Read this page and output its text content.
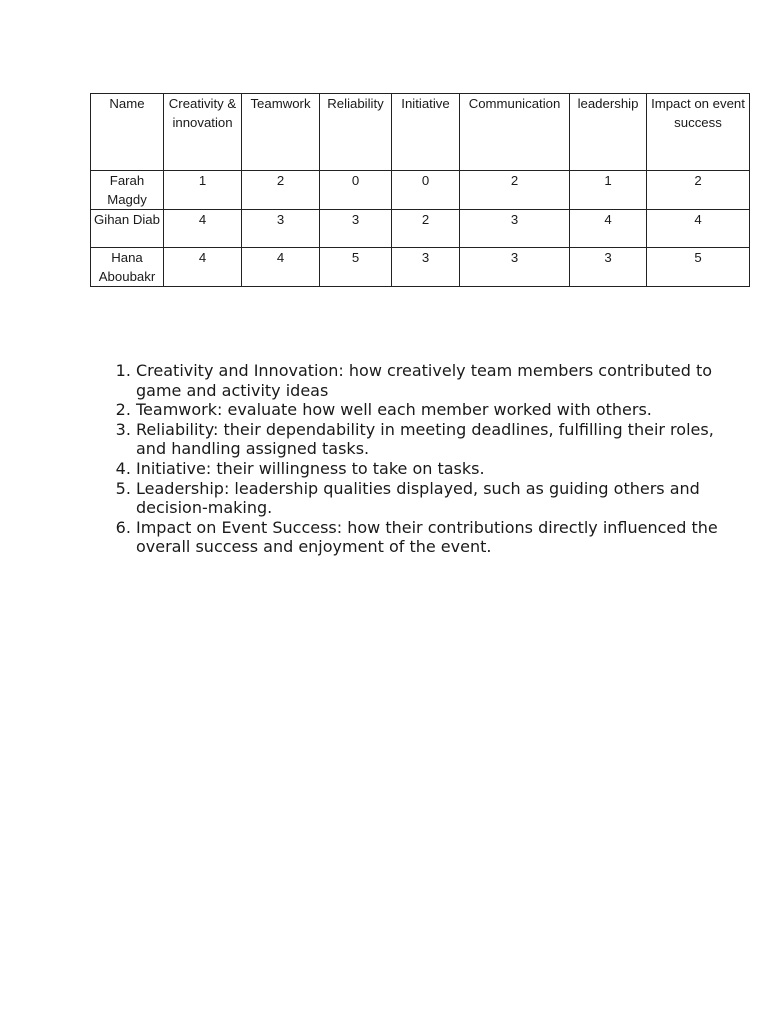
Name	Creativity & innovation	Teamwork	Reliability	Initiative	Communication	leadership	Impact on event success
Farah Magdy	1	2	0	0	2	1	2
Gihan Diab	4	3	3	2	3	4	4
Hana Aboubakr	4	4	5	3	3	3	5
1. Creativity and Innovation: how creatively team members contributed to game and activity ideas
2. Teamwork: evaluate how well each member worked with others.
3. Reliability: their dependability in meeting deadlines, fulfilling their roles, and handling assigned tasks.
4. Initiative: their willingness to take on tasks.
5. Leadership: leadership qualities displayed, such as guiding others and decision-making.
6. Impact on Event Success: how their contributions directly influenced the overall success and enjoyment of the event.
